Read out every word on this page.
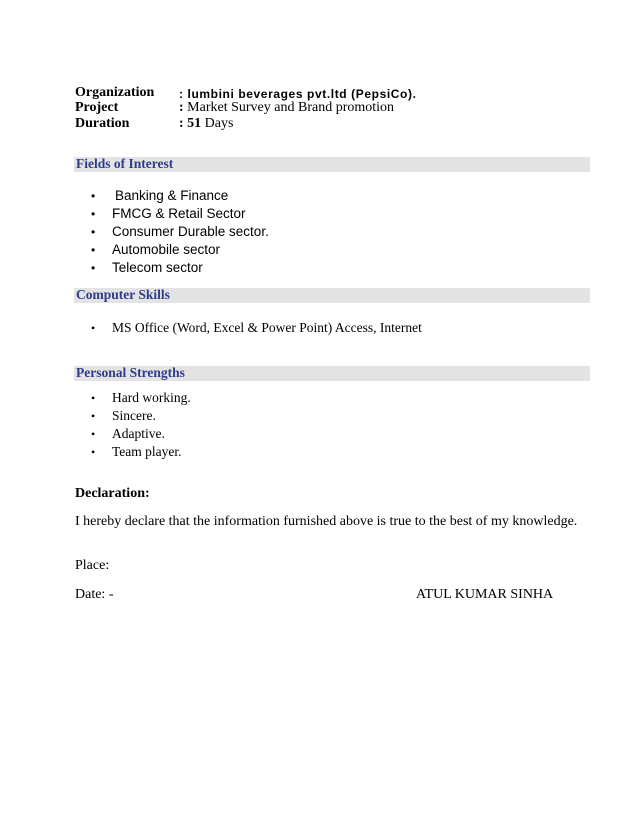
Organization : lumbini beverages pvt.ltd (PepsiCo).
Project	: Market Survey and Brand promotion
Duration	: 51 Days
Fields of Interest
• Banking & Finance
• FMCG & Retail Sector
• Consumer Durable sector.
• Automobile sector
• Telecom sector
Computer Skills
• MS Office (Word, Excel & Power Point) Access, Internet
Personal Strengths
• Hard working.
• Sincere.
• Adaptive.
• Team player.
Declaration:
I hereby declare that the information furnished above is true to the best of my knowledge.
Place:
Date: -	ATUL KUMAR SINHA
